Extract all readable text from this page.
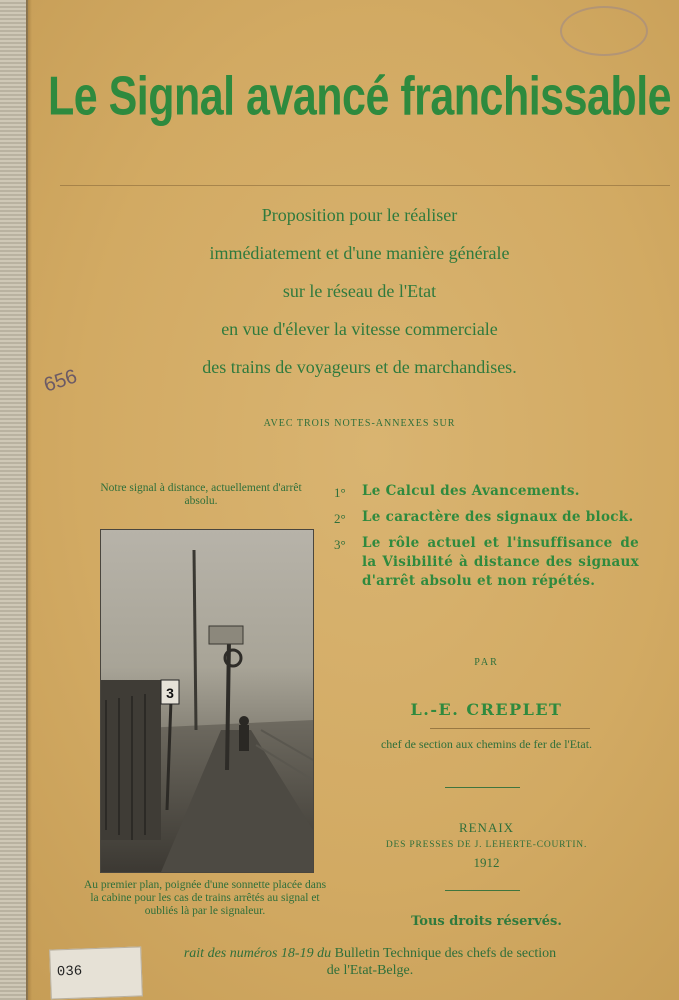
Le Signal avancé franchissable
Proposition pour le réaliser
immédiatement et d'une manière générale
sur le réseau de l'Etat
en vue d'élever la vitesse commerciale
des trains de voyageurs et de marchandises.
656
AVEC TROIS NOTES-ANNEXES SUR
Notre signal à distance, actuellement d'arrêt absolu.
3
Au premier plan, poignée d'une sonnette placée dans la cabine pour les cas de trains arrêtés au signal et oubliés là par le signaleur.
1°	Le Calcul des Avancements.
2°	Le caractère des signaux de block.
3°	Le rôle actuel et l'insuffisance de la Visibilité à distance des signaux d'arrêt absolu et non répétés.
PAR
L.-E. CREPLET
chef de section aux chemins de fer de l'Etat.
RENAIX
DES PRESSES DE J. LEHERTE-COURTIN.
1912
Tous droits réservés.
rait des numéros 18-19 du Bulletin Technique des chefs de section
de l'Etat-Belge.
036
